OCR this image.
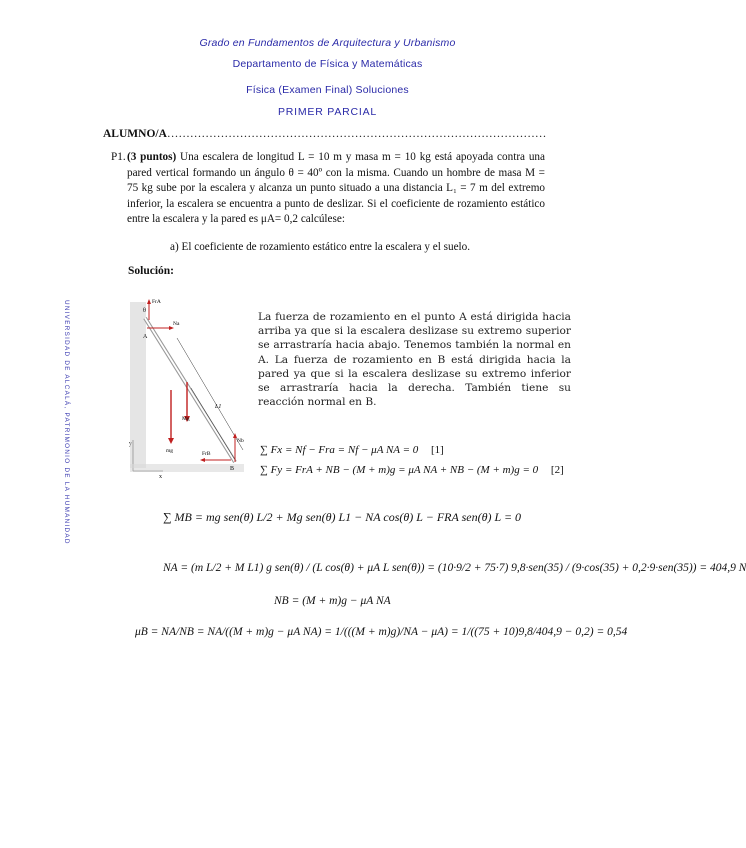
Grado en Fundamentos de Arquitectura y Urbanismo
Departamento de Física y Matemáticas
Física (Examen Final) Soluciones
PRIMER PARCIAL
ALUMNO/A………………………………………………………………………………………
UNIVERSIDAD DE ALCALÁ, PATRIMONIO DE LA HUMANIDAD
P1. (3 puntos) Una escalera de longitud L = 10 m y masa m = 10 kg está apoyada contra una pared vertical formando un ángulo θ = 40º con la misma. Cuando un hombre de masa M = 75 kg sube por la escalera y alcanza un punto situado a una distancia L₁ = 7 m del extremo inferior, la escalera se encuentra a punto de deslizar. Si el coeficiente de rozamiento estático entre la escalera y la pared es μA= 0,2 calcúlese:
a) El coeficiente de rozamiento estático entre la escalera y el suelo.
Solución:
x
L1
FrA
Na
A
θ
Mg
mg	FrB
Nb
B
La fuerza de rozamiento en el punto A está dirigida hacia arriba ya que si la escalera deslizase su extremo superior se arrastraría hacia abajo. Tenemos también la normal en A. La fuerza de rozamiento en B está dirigida hacia la pared ya que si la escalera deslizase su extremo inferior se arrastraría hacia la derecha. También tiene su reacción normal en B.
∑ Fx = Nf − Fra = Nf − μA NA = 0 [1]
∑ Fy = FrA + NB − (M + m)g = μA NA + NB − (M + m)g = 0 [2]
∑ MB = mg sen(θ) L/2 + Mg sen(θ) L1 − NA cos(θ) L − FRA sen(θ) L = 0
NA = (m L/2 + M L1) g sen(θ) / (L cos(θ) + μA L sen(θ)) = (10·9/2 + 75·7) 9,8·sen(35) / (9·cos(35) + 0,2·9·sen(35)) = 404,9 N
NB = (M + m)g − μA NA
μB = NA/NB = NA/((M + m)g − μA NA) = 1/(((M + m)g)/NA − μA) = 1/((75 + 10)9,8/404,9 − 0,2) = 0,54
